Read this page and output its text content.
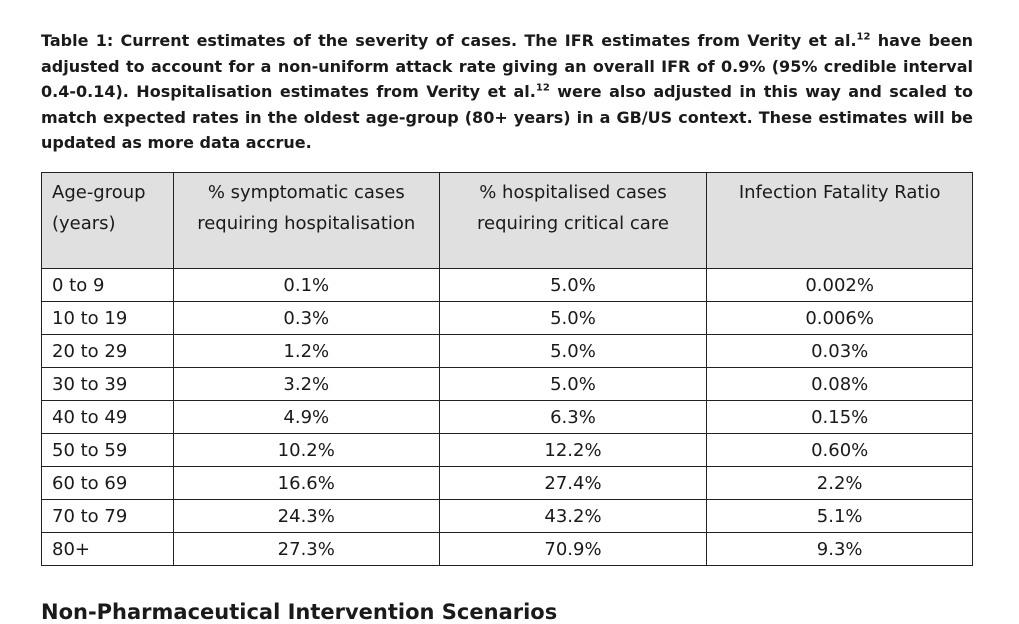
Table 1: Current estimates of the severity of cases. The IFR estimates from Verity et al.$^{12}$ have been adjusted to account for a non-uniform attack rate giving an overall IFR of 0.9% (95% credible interval 0.4-0.14). Hospitalisation estimates from Verity et al.$^{12}$ were also adjusted in this way and scaled to match expected rates in the oldest age-group (80+ years) in a GB/US context. These estimates will be updated as more data accrue.
Age-group (years)	% symptomatic cases requiring hospitalisation	% hospitalised cases requiring critical care	Infection Fatality Ratio
0 to 9	0.1%	5.0%	0.002%
10 to 19	0.3%	5.0%	0.006%
20 to 29	1.2%	5.0%	0.03%
30 to 39	3.2%	5.0%	0.08%
40 to 49	4.9%	6.3%	0.15%
50 to 59	10.2%	12.2%	0.60%
60 to 69	16.6%	27.4%	2.2%
70 to 79	24.3%	43.2%	5.1%
80+	27.3%	70.9%	9.3%
Non-Pharmaceutical Intervention Scenarios
